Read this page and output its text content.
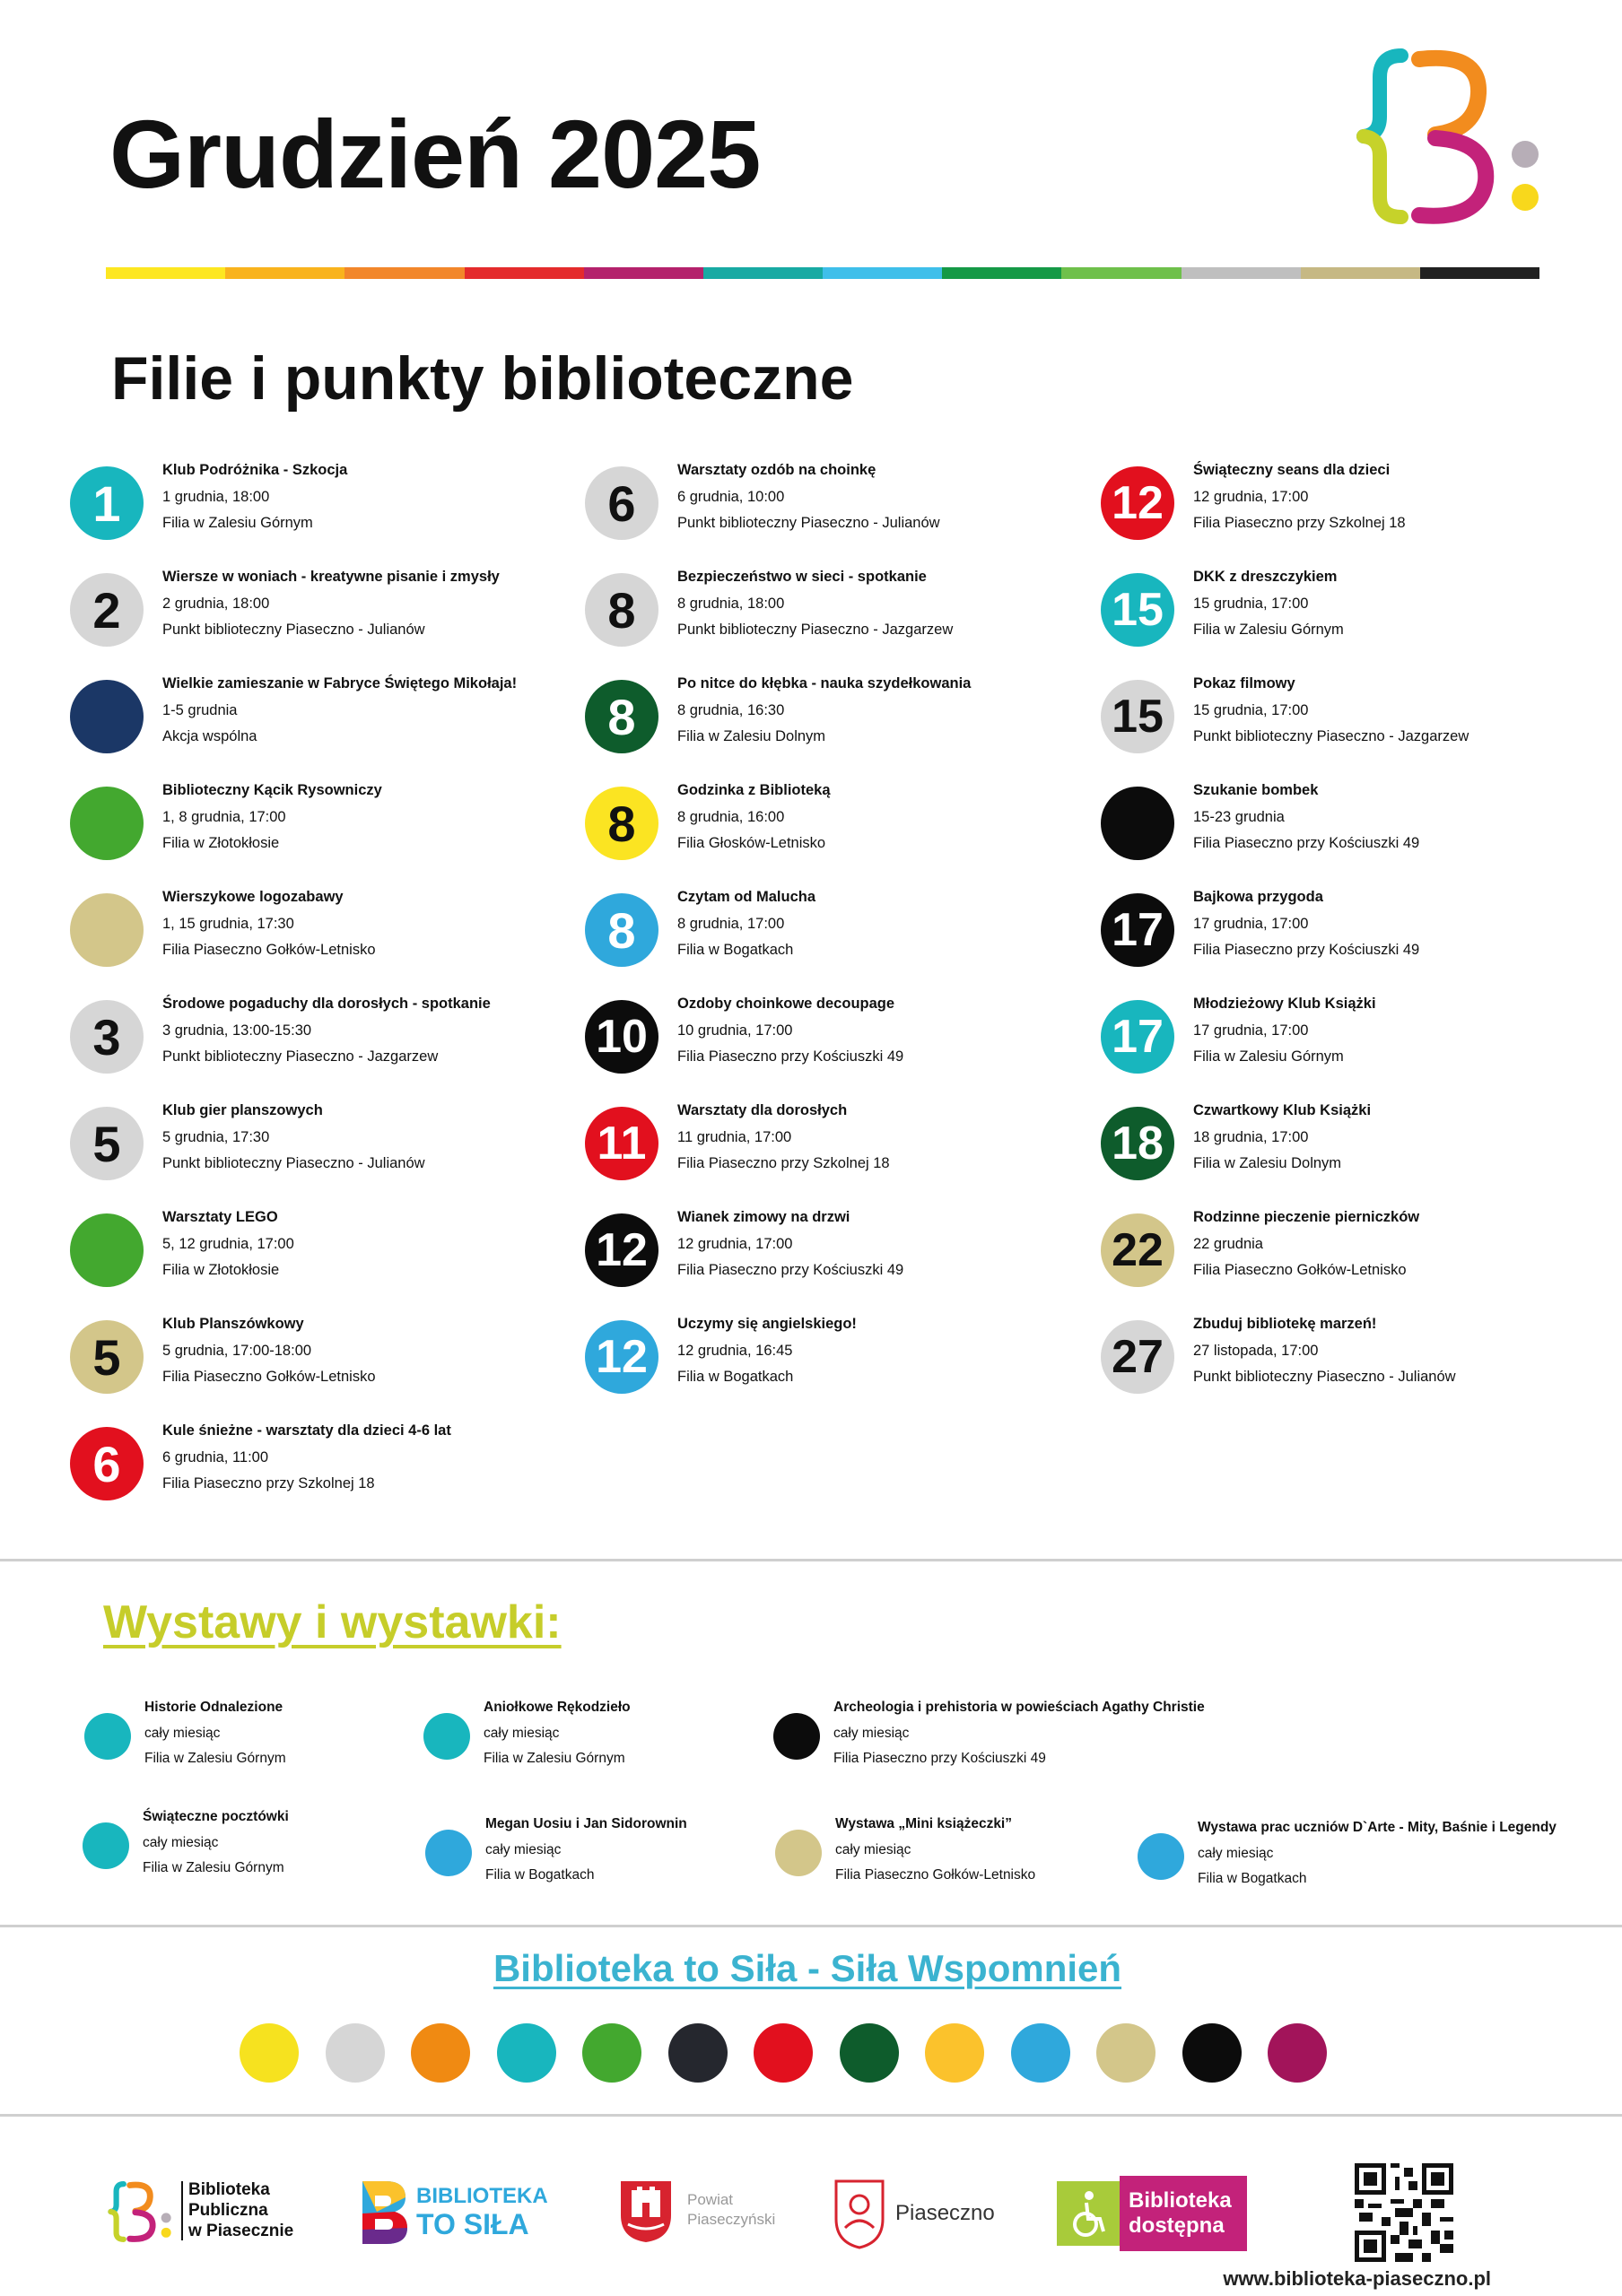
Grudzień 2025
Filie i punkty biblioteczne
1
Klub Podróżnika - Szkocja
1 grudnia, 18:00
Filia w Zalesiu Górnym
2
Wiersze w woniach - kreatywne pisanie i zmysły
2 grudnia, 18:00
Punkt biblioteczny Piaseczno - Julianów
Wielkie zamieszanie w Fabryce Świętego Mikołaja!
1-5 grudnia
Akcja wspólna
Biblioteczny Kącik Rysowniczy
1, 8 grudnia, 17:00
Filia w Złotokłosie
Wierszykowe logozabawy
1, 15 grudnia, 17:30
Filia Piaseczno Gołków-Letnisko
3
Środowe pogaduchy dla dorosłych - spotkanie
3 grudnia, 13:00-15:30
Punkt biblioteczny Piaseczno - Jazgarzew
5
Klub gier planszowych
5 grudnia, 17:30
Punkt biblioteczny Piaseczno - Julianów
Warsztaty LEGO
5, 12 grudnia, 17:00
Filia w Złotokłosie
5
Klub Planszówkowy
5 grudnia, 17:00-18:00
Filia Piaseczno Gołków-Letnisko
6
Kule śnieżne - warsztaty dla dzieci 4-6 lat
6 grudnia, 11:00
Filia Piaseczno przy Szkolnej 18
6
Warsztaty ozdób na choinkę
6 grudnia, 10:00
Punkt biblioteczny Piaseczno - Julianów
8
Bezpieczeństwo w sieci - spotkanie
8 grudnia, 18:00
Punkt biblioteczny Piaseczno - Jazgarzew
8
Po nitce do kłębka - nauka szydełkowania
8 grudnia, 16:30
Filia w Zalesiu Dolnym
8
Godzinka z Biblioteką
8 grudnia, 16:00
Filia Głosków-Letnisko
8
Czytam od Malucha
8 grudnia, 17:00
Filia w Bogatkach
10
Ozdoby choinkowe decoupage
10 grudnia, 17:00
Filia Piaseczno przy Kościuszki 49
11
Warsztaty dla dorosłych
11 grudnia, 17:00
Filia Piaseczno przy Szkolnej 18
12
Wianek zimowy na drzwi
12 grudnia, 17:00
Filia Piaseczno przy Kościuszki 49
12
Uczymy się angielskiego!
12 grudnia, 16:45
Filia w Bogatkach
12
Świąteczny seans dla dzieci
12 grudnia, 17:00
Filia Piaseczno przy Szkolnej 18
15
DKK z dreszczykiem
15 grudnia, 17:00
Filia w Zalesiu Górnym
15
Pokaz filmowy
15 grudnia, 17:00
Punkt biblioteczny Piaseczno - Jazgarzew
Szukanie bombek
15-23 grudnia
Filia Piaseczno przy Kościuszki 49
17
Bajkowa przygoda
17 grudnia, 17:00
Filia Piaseczno przy Kościuszki 49
17
Młodzieżowy Klub Książki
17 grudnia, 17:00
Filia w Zalesiu Górnym
18
Czwartkowy Klub Książki
18 grudnia, 17:00
Filia w Zalesiu Dolnym
22
Rodzinne pieczenie pierniczków
22 grudnia
Filia Piaseczno Gołków-Letnisko
27
Zbuduj bibliotekę marzeń!
27 listopada, 17:00
Punkt biblioteczny Piaseczno - Julianów
Wystawy i wystawki:
Historie Odnalezione
cały miesiąc
Filia w Zalesiu Górnym
Aniołkowe Rękodzieło
cały miesiąc
Filia w Zalesiu Górnym
Archeologia i prehistoria w powieściach Agathy Christie
cały miesiąc
Filia Piaseczno przy Kościuszki 49
Świąteczne pocztówki
cały miesiąc
Filia w Zalesiu Górnym
Megan Uosiu i Jan Sidorownin
cały miesiąc
Filia w Bogatkach
Wystawa „Mini książeczki”
cały miesiąc
Filia Piaseczno Gołków-Letnisko
Wystawa prac uczniów D`Arte - Mity, Baśnie i Legendy
cały miesiąc
Filia w Bogatkach
Biblioteka to Siła - Siła Wspomnień
Biblioteka
Publiczna
w Piasecznie
BIBLIOTEKA
TO SIŁA
Powiat
Piaseczyński	Piaseczno
Biblioteka
dostępna
www.biblioteka-piaseczno.pl
